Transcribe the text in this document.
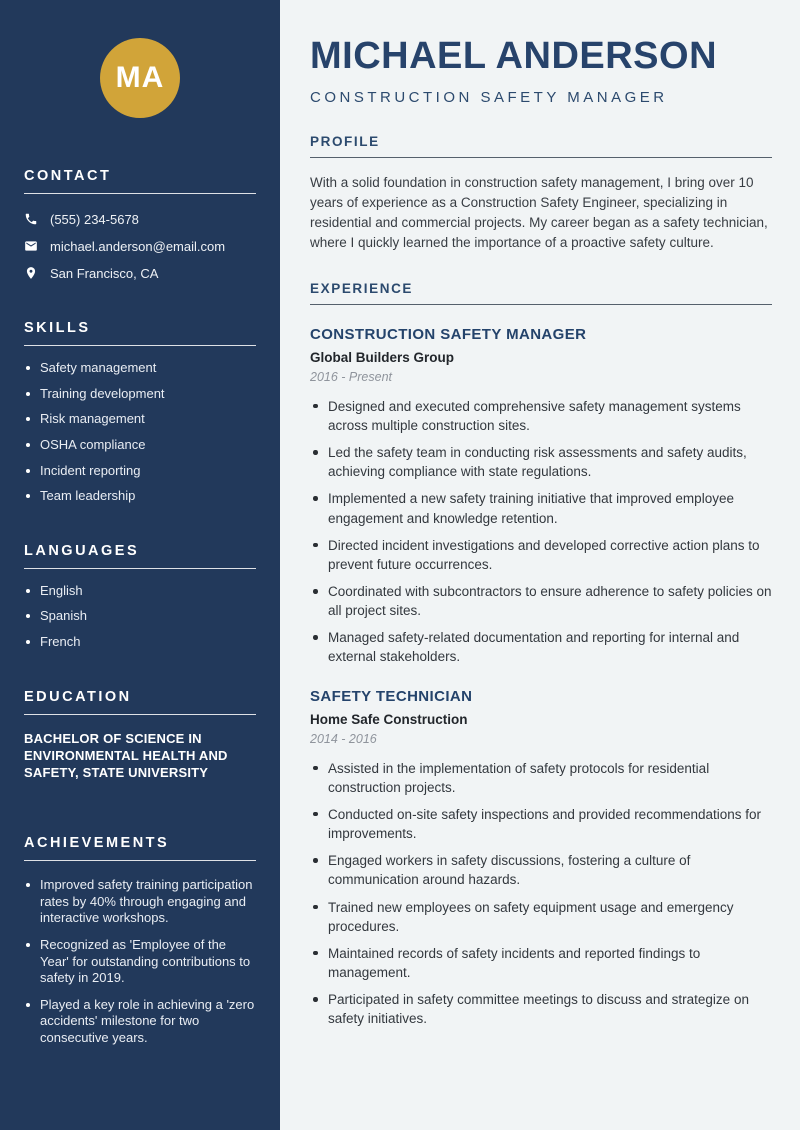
MA
CONTACT
(555) 234-5678
michael.anderson@email.com
San Francisco, CA
SKILLS
Safety management
Training development
Risk management
OSHA compliance
Incident reporting
Team leadership
LANGUAGES
English
Spanish
French
EDUCATION
BACHELOR OF SCIENCE IN ENVIRONMENTAL HEALTH AND SAFETY, STATE UNIVERSITY
ACHIEVEMENTS
Improved safety training participation rates by 40% through engaging and interactive workshops.
Recognized as 'Employee of the Year' for outstanding contributions to safety in 2019.
Played a key role in achieving a 'zero accidents' milestone for two consecutive years.
MICHAEL ANDERSON
CONSTRUCTION SAFETY MANAGER
PROFILE

With a solid foundation in construction safety management, I bring over 10 years of experience as a Construction Safety Engineer, specializing in residential and commercial projects. My career began as a safety technician, where I quickly learned the importance of a proactive safety culture.

EXPERIENCE
CONSTRUCTION SAFETY MANAGER
Global Builders Group
2016 - Present
Designed and executed comprehensive safety management systems across multiple construction sites.
Led the safety team in conducting risk assessments and safety audits, achieving compliance with state regulations.
Implemented a new safety training initiative that improved employee engagement and knowledge retention.
Directed incident investigations and developed corrective action plans to prevent future occurrences.
Coordinated with subcontractors to ensure adherence to safety policies on all project sites.
Managed safety-related documentation and reporting for internal and external stakeholders.
SAFETY TECHNICIAN
Home Safe Construction
2014 - 2016
Assisted in the implementation of safety protocols for residential construction projects.
Conducted on-site safety inspections and provided recommendations for improvements.
Engaged workers in safety discussions, fostering a culture of communication around hazards.
Trained new employees on safety equipment usage and emergency procedures.
Maintained records of safety incidents and reported findings to management.
Participated in safety committee meetings to discuss and strategize on safety initiatives.
